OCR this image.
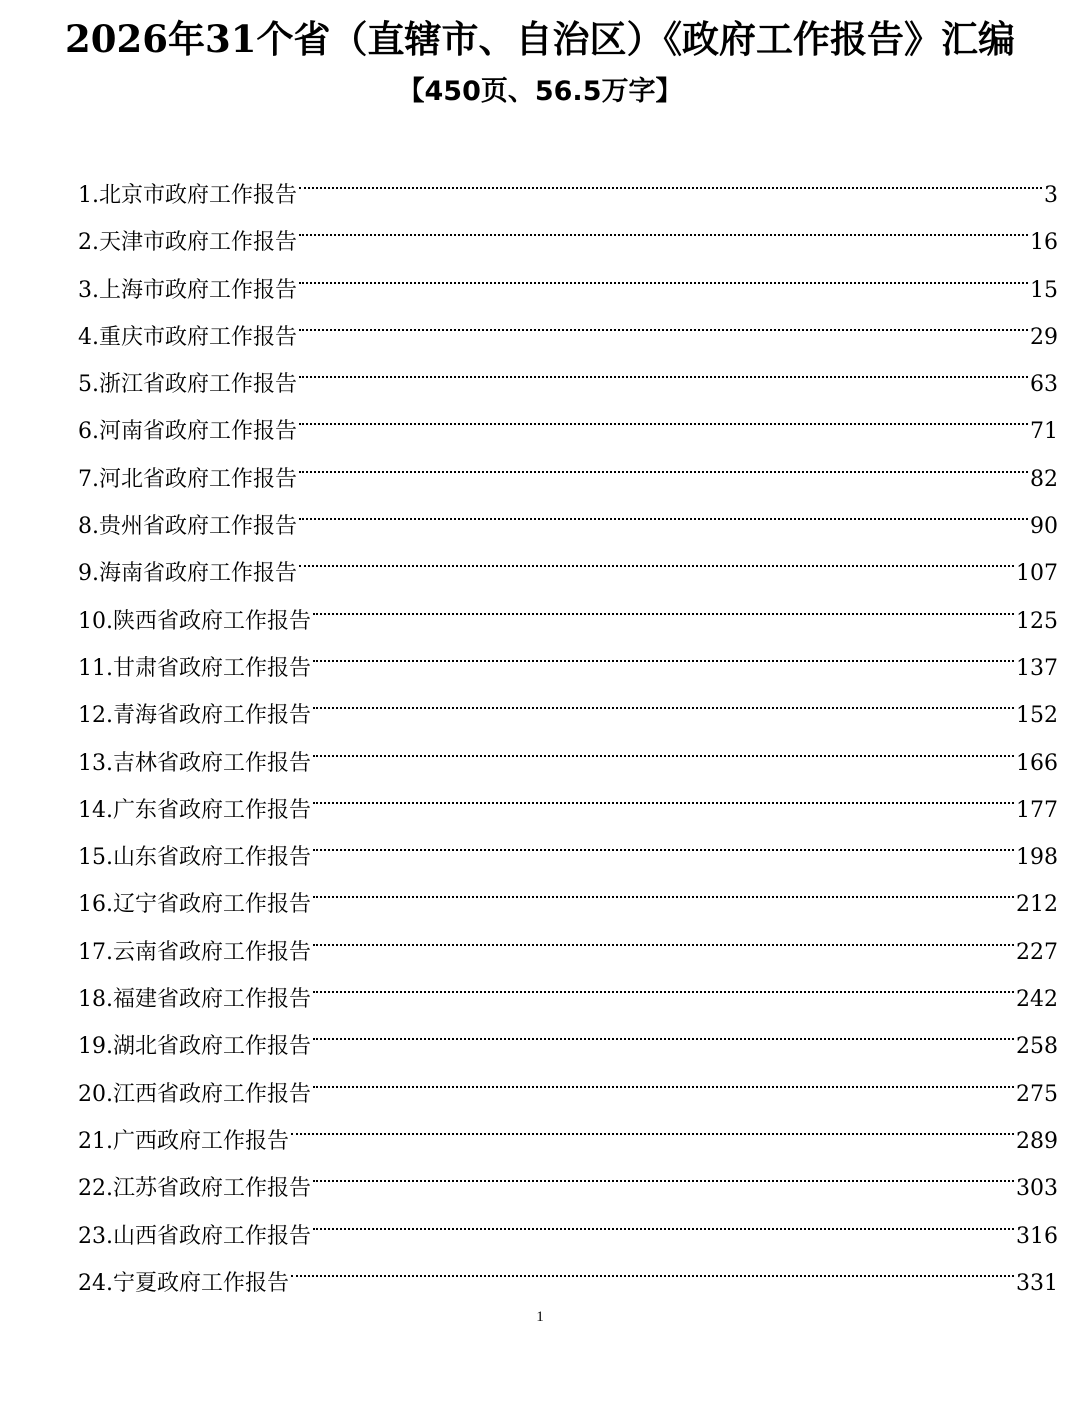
2026年31个省（直辖市、自治区）《政府工作报告》汇编
【450页、56.5万字】
1.北京市政府工作报告	3
2.天津市政府工作报告	16
3.上海市政府工作报告	15
4.重庆市政府工作报告	29
5.浙江省政府工作报告	63
6.河南省政府工作报告	71
7.河北省政府工作报告	82
8.贵州省政府工作报告	90
9.海南省政府工作报告	107
10.陕西省政府工作报告	125
11.甘肃省政府工作报告	137
12.青海省政府工作报告	152
13.吉林省政府工作报告	166
14.广东省政府工作报告	177
15.山东省政府工作报告	198
16.辽宁省政府工作报告	212
17.云南省政府工作报告	227
18.福建省政府工作报告	242
19.湖北省政府工作报告	258
20.江西省政府工作报告	275
21.广西政府工作报告	289
22.江苏省政府工作报告	303
23.山西省政府工作报告	316
24.宁夏政府工作报告	331
1
